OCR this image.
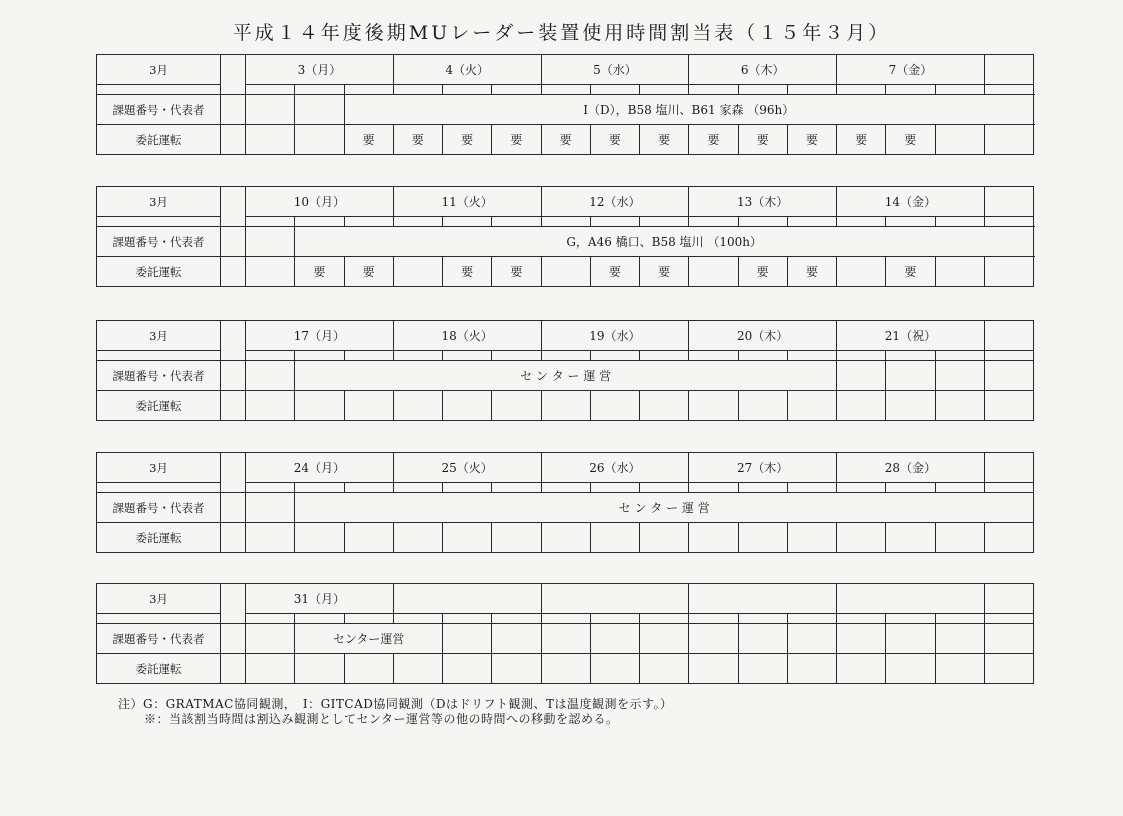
平成１４年度後期MUレーダー装置使用時間割当表（１５年３月）
3月		3（月）			4（火）			5（水）			6（木）			7（金）			

課題番号・代表者				I（D），B58 塩川、B61 家森 （96h）													
委託運転				要	要	要	要	要	要	要	要	要	要	要	要		
3月		10（月）			11（火）			12（水）			13（木）			14（金）			

課題番号・代表者			G，A46 橋口、B58 塩川 （100h）														
委託運転			要	要		要	要		要	要		要	要		要		
3月		17（月）			18（火）			19（水）			20（木）			21（祝）			

課題番号・代表者			セ ン タ ー 運 営														
委託運転																	
3月		24（月）			25（火）			26（水）			27（木）			28（金）			

課題番号・代表者			セ ン タ ー 運 営														
委託運転																	
3月		31（月）															

課題番号・代表者			センター運営														
委託運転																	
注）G：GRATMAC協同観測，　I：GITCAD協同観測（Dはドリフト観測、Tは温度観測を示す。）
※：当該割当時間は割込み観測としてセンター運営等の他の時間への移動を認める。
